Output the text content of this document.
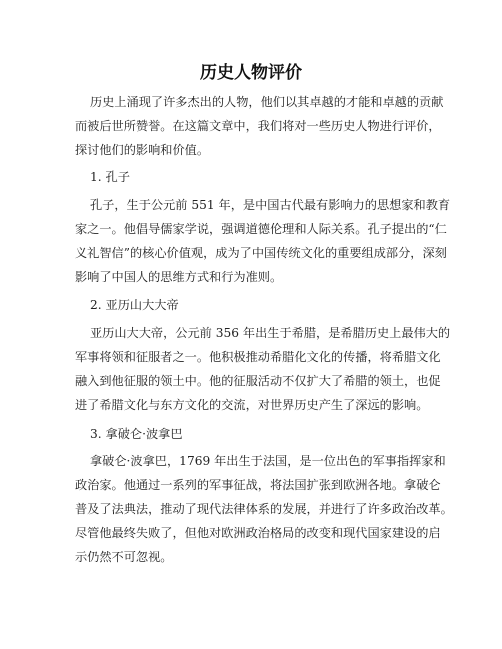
历史人物评价
历史上涌现了许多杰出的人物，他们以其卓越的才能和卓越的贡献
而被后世所赞誉。在这篇文章中，我们将对一些历史人物进行评价，
探讨他们的影响和价值。
1. 孔子
孔子，生于公元前 551 年，是中国古代最有影响力的思想家和教育
家之一。他倡导儒家学说，强调道德伦理和人际关系。孔子提出的“仁
义礼智信”的核心价值观，成为了中国传统文化的重要组成部分，深刻
影响了中国人的思维方式和行为准则。
2. 亚历山大大帝
亚历山大大帝，公元前 356 年出生于希腊，是希腊历史上最伟大的
军事将领和征服者之一。他积极推动希腊化文化的传播，将希腊文化
融入到他征服的领土中。他的征服活动不仅扩大了希腊的领土，也促
进了希腊文化与东方文化的交流，对世界历史产生了深远的影响。
3. 拿破仑·波拿巴
拿破仑·波拿巴，1769 年出生于法国，是一位出色的军事指挥家和
政治家。他通过一系列的军事征战，将法国扩张到欧洲各地。拿破仑
普及了法典法，推动了现代法律体系的发展，并进行了许多政治改革。
尽管他最终失败了，但他对欧洲政治格局的改变和现代国家建设的启
示仍然不可忽视。
